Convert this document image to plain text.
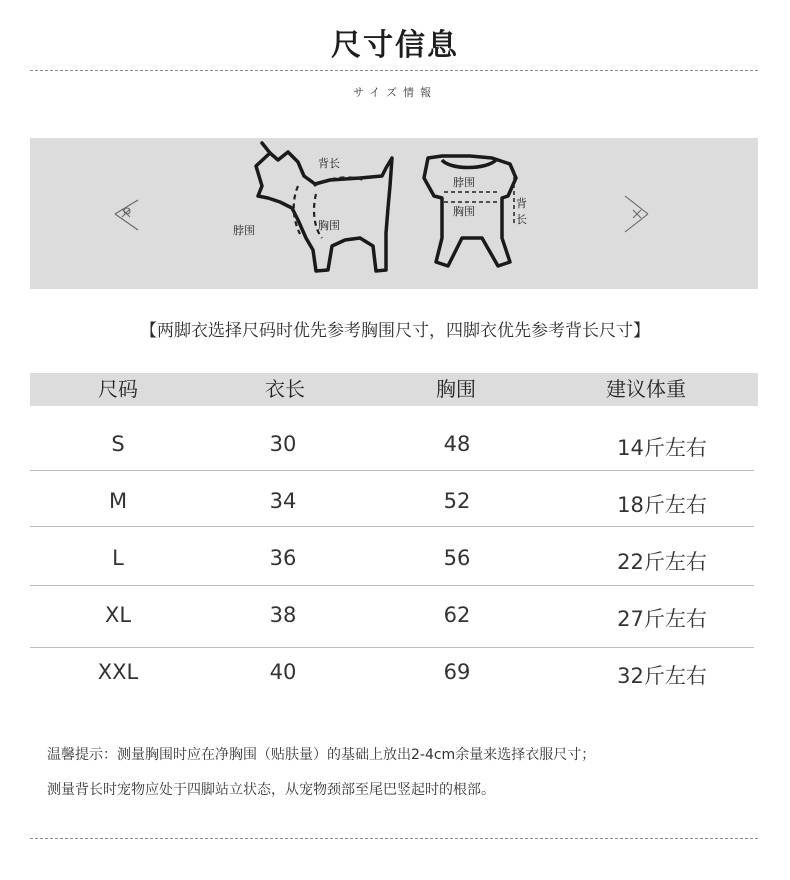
尺寸信息
サイズ情報
背长
脖围	胸围
脖围
胸围
背
长
【两脚衣选择尺码时优先参考胸围尺寸，四脚衣优先参考背长尺寸】
尺码	衣长	胸围	建议体重
S	30	48	14斤左右
M	34	52	18斤左右
L	36	56	22斤左右
XL	38	62	27斤左右
XXL	40	69	32斤左右
温馨提示：测量胸围时应在净胸围（贴肤量）的基础上放出2-4cm余量来选择衣服尺寸；
测量背长时宠物应处于四脚站立状态，从宠物颈部至尾巴竖起时的根部。
